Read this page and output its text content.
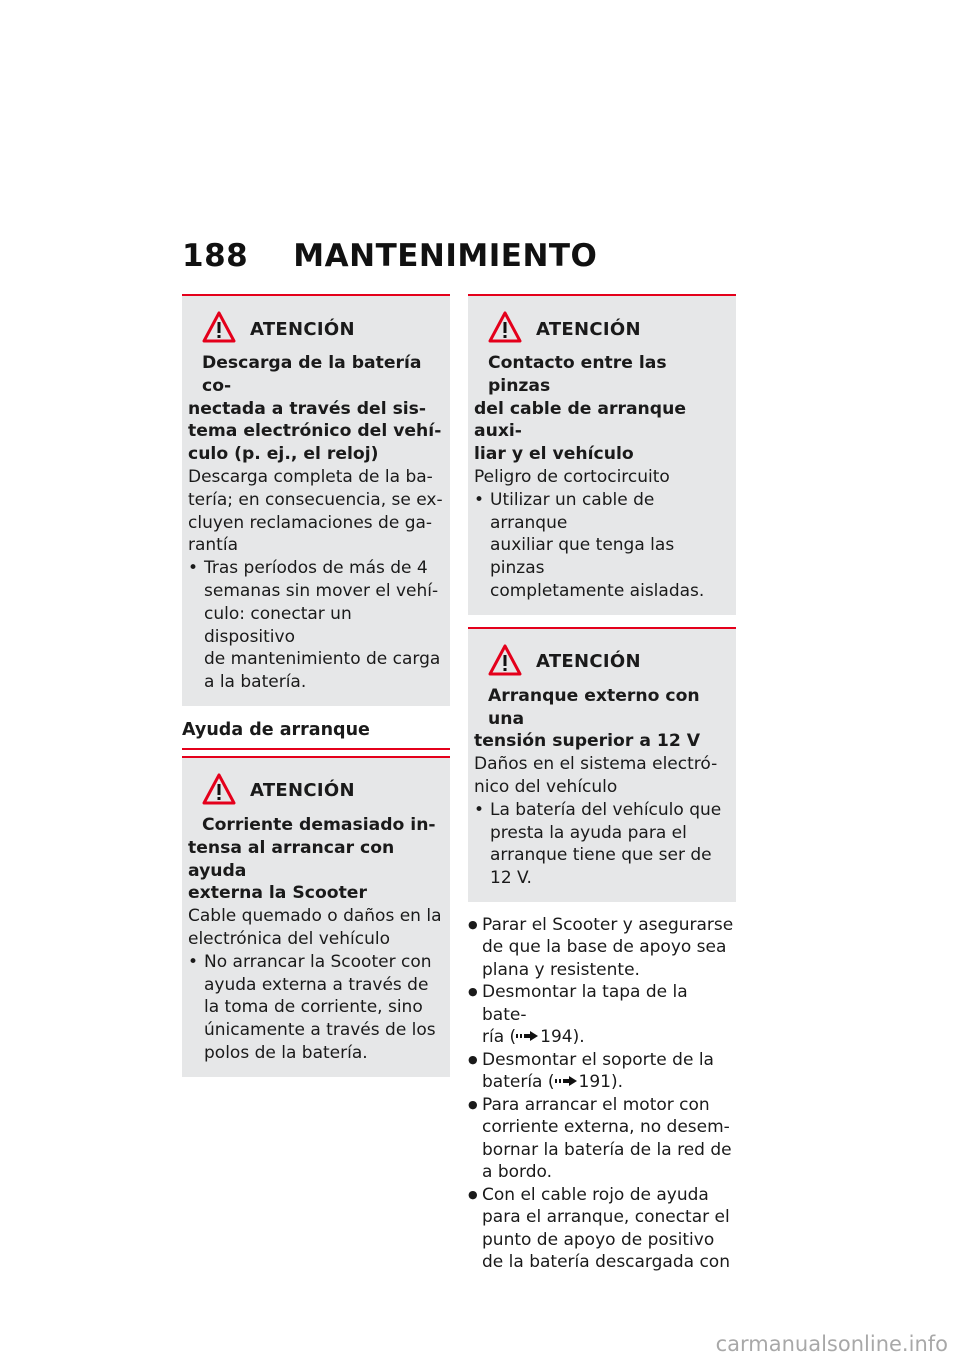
188 MANTENIMIENTO
ATENCIÓN
Descarga de la batería co-
nectada a través del sis-
tema electrónico del vehí-
culo (p. ej., el reloj)
Descarga completa de la ba-
tería; en consecuencia, se ex-
cluyen reclamaciones de ga-
rantía
• Tras períodos de más de 4
semanas sin mover el vehí-
culo: conectar un dispositivo
de mantenimiento de carga
a la batería.
Ayuda de arranque
ATENCIÓN
Corriente demasiado in-
tensa al arrancar con ayuda
externa la Scooter
Cable quemado o daños en la
electrónica del vehículo
• No arrancar la Scooter con
ayuda externa a través de
la toma de corriente, sino
únicamente a través de los
polos de la batería.
ATENCIÓN
Contacto entre las pinzas
del cable de arranque auxi-
liar y el vehículo
Peligro de cortocircuito
• Utilizar un cable de arranque
auxiliar que tenga las pinzas
completamente aisladas.
ATENCIÓN
Arranque externo con una
tensión superior a 12 V
Daños en el sistema electró-
nico del vehículo
• La batería del vehículo que
presta la ayuda para el
arranque tiene que ser de
12 V.
● Parar el Scooter y asegurarse
de que la base de apoyo sea
plana y resistente.
● Desmontar la tapa de la bate-
ría ( 194).
● Desmontar el soporte de la
batería ( 191).
● Para arrancar el motor con
corriente externa, no desem-
bornar la batería de la red de
a bordo.
● Con el cable rojo de ayuda
para el arranque, conectar el
punto de apoyo de positivo
de la batería descargada con
carmanualsonline.info
